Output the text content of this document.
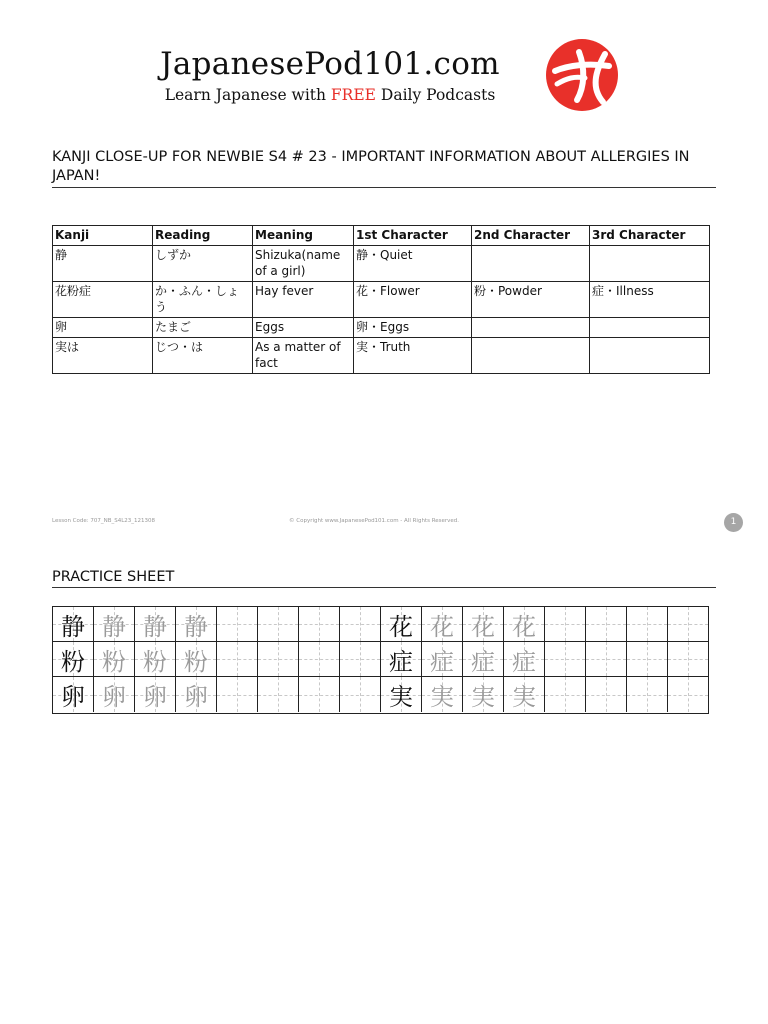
JapanesePod101.com
Learn Japanese with FREE Daily Podcasts
KANJI CLOSE-UP FOR NEWBIE S4 # 23 - IMPORTANT INFORMATION ABOUT ALLERGIES IN JAPAN!
Kanji	Reading	Meaning	1st Character	2nd Character	3rd Character
静	しずか	Shizuka(name of a girl)	静・Quiet		
花粉症	か・ふん・しょう	Hay fever	花・Flower	粉・Powder	症・Illness
卵	たまご	Eggs	卵・Eggs		
実は	じつ・は	As a matter of fact	実・Truth		
Lesson Code: 707_NB_S4L23_121308	© Copyright www.JapanesePod101.com - All Rights Reserved.	1
PRACTICE SHEET
静 静 静 静	花 花 花 花
粉 粉 粉 粉	症 症 症 症
卵 卵 卵 卵	実 実 実 実
